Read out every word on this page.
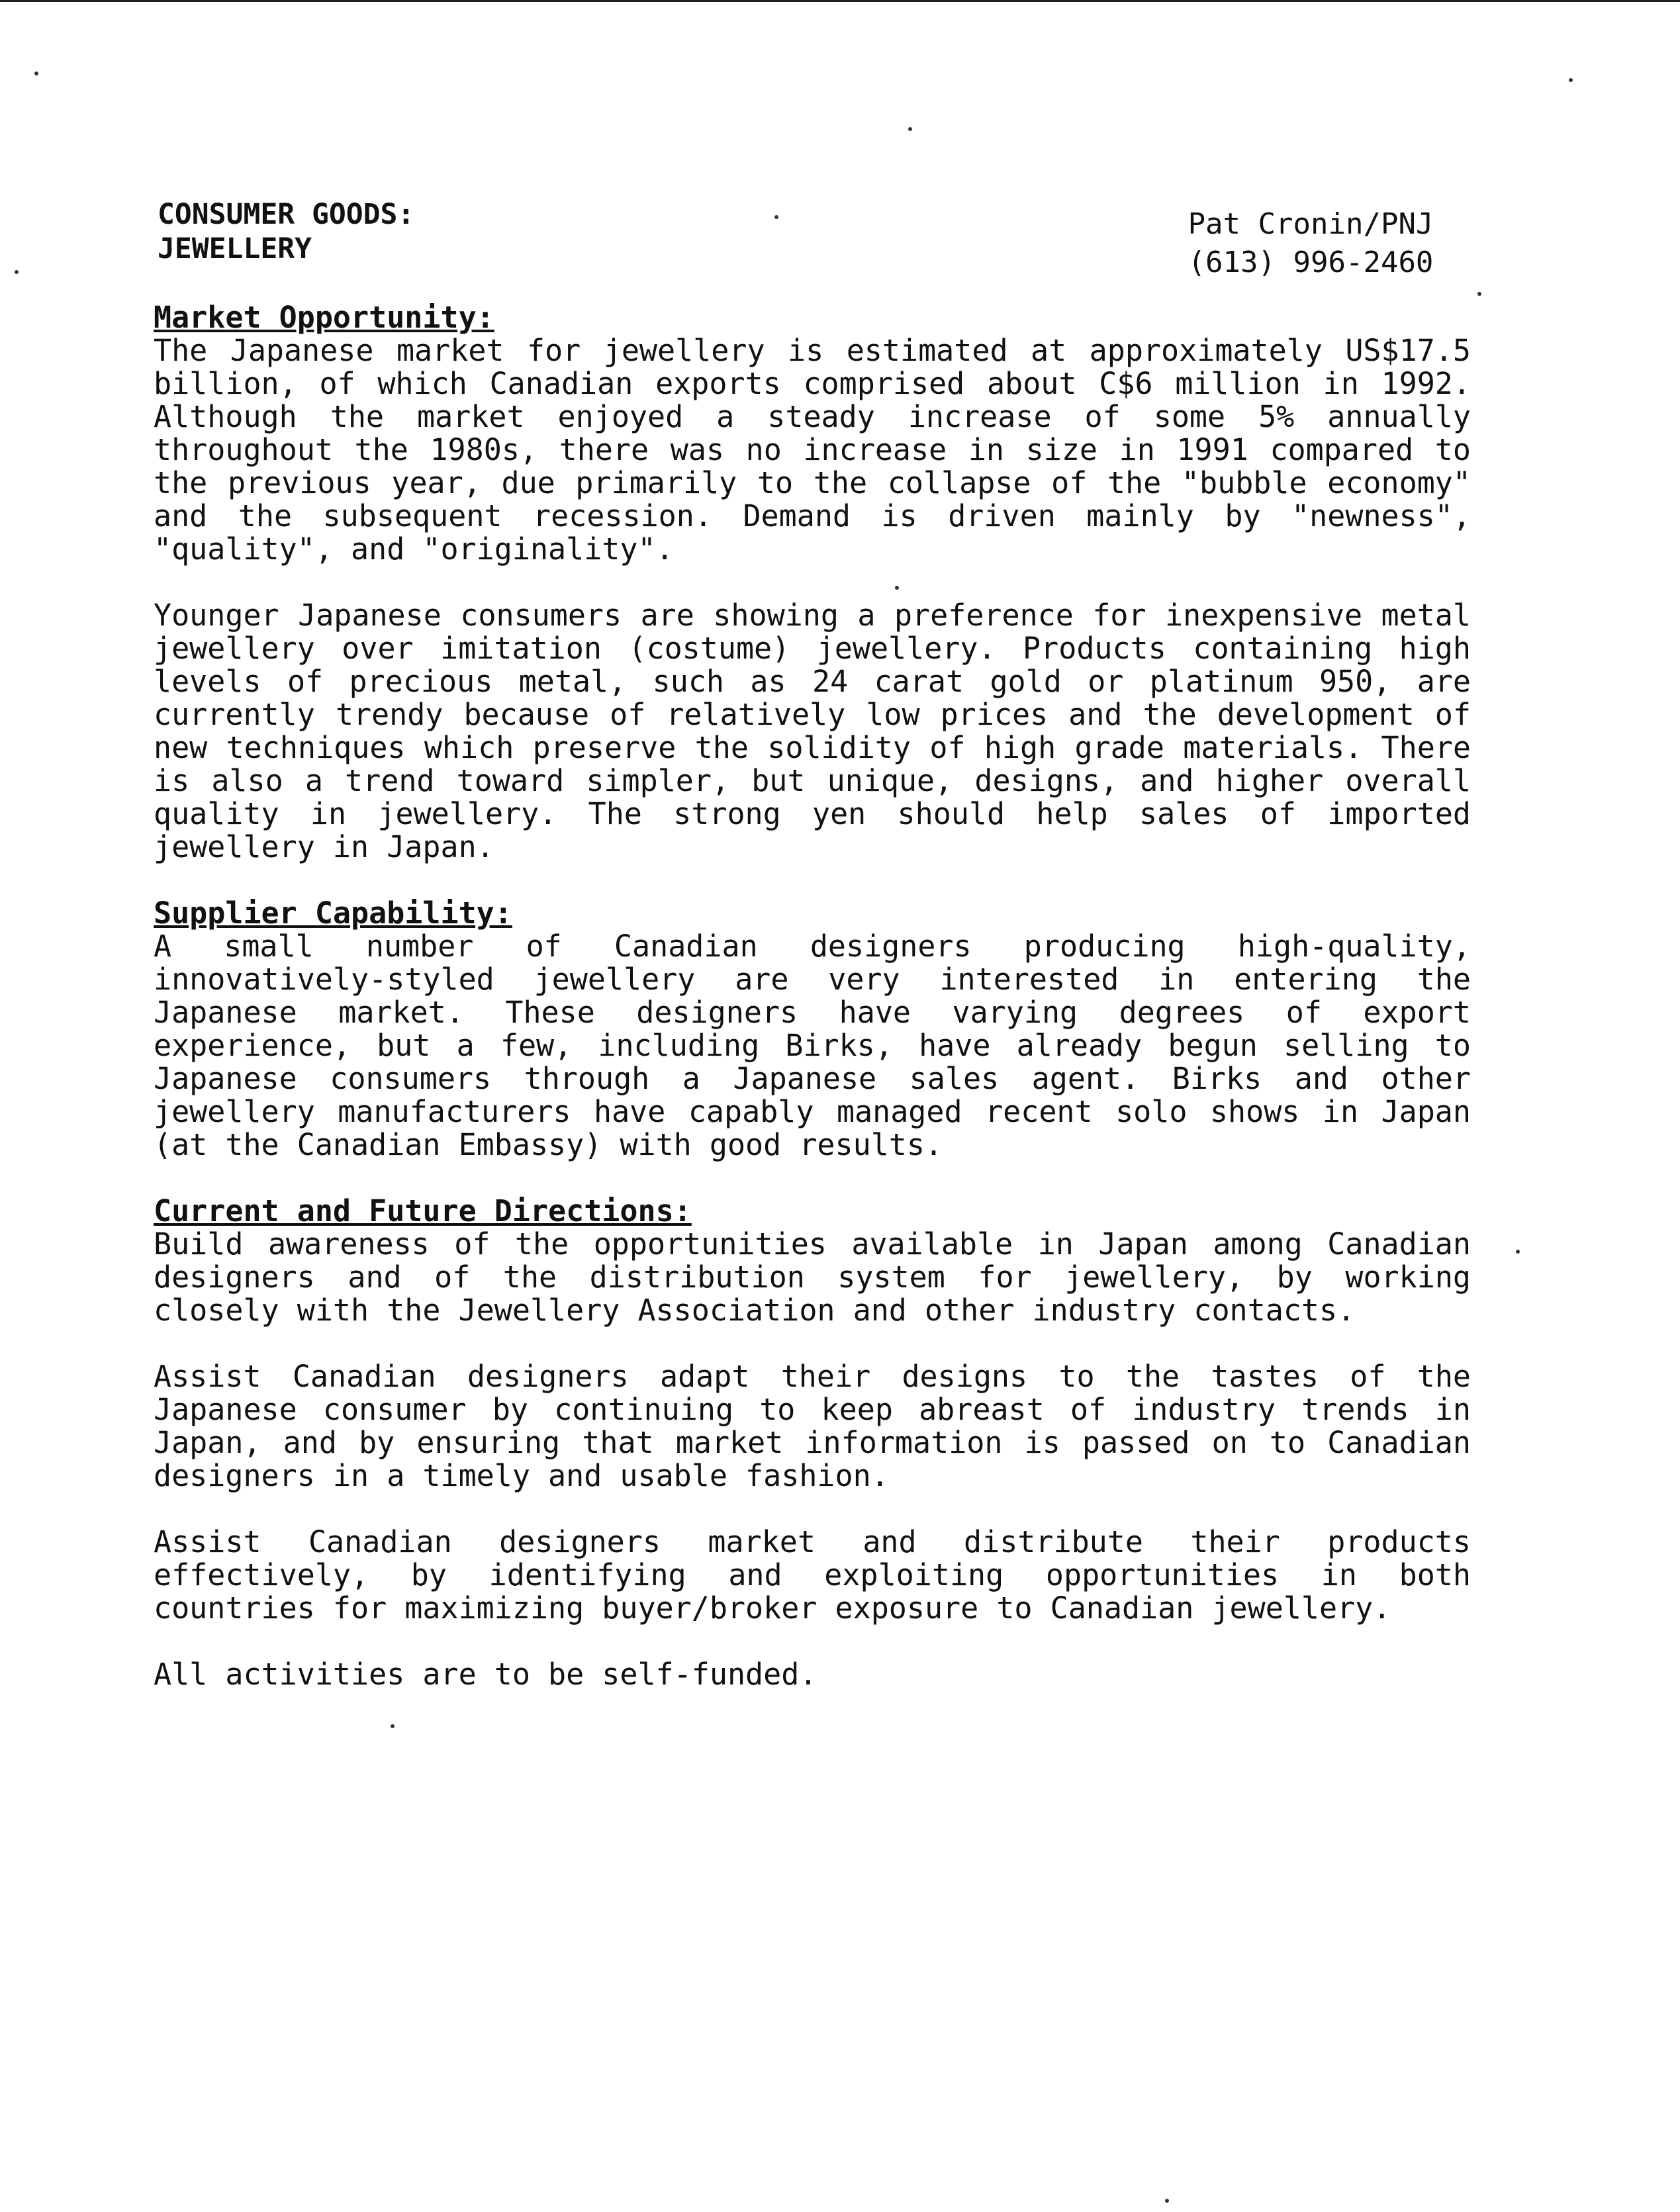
CONSUMER GOODS:
JEWELLERY
Pat Cronin/PNJ
(613) 996-2460

Market Opportunity:

The Japanese market for jewellery is estimated at approximately US$17.5 billion, of which Canadian exports comprised about C$6 million in 1992. Although the market enjoyed a steady increase of some 5% annually throughout the 1980s, there was no increase in size in 1991 compared to the previous year, due primarily to the collapse of the "bubble economy" and the subsequent recession. Demand is driven mainly by "newness", "quality", and "originality".

Younger Japanese consumers are showing a preference for inexpensive metal jewellery over imitation (costume) jewellery. Products containing high levels of precious metal, such as 24 carat gold or platinum 950, are currently trendy because of relatively low prices and the development of new techniques which preserve the solidity of high grade materials. There is also a trend toward simpler, but unique, designs, and higher overall quality in jewellery. The strong yen should help sales of imported jewellery in Japan.

Supplier Capability:

A small number of Canadian designers producing high-quality, innovatively-styled jewellery are very interested in entering the Japanese market. These designers have varying degrees of export experience, but a few, including Birks, have already begun selling to Japanese consumers through a Japanese sales agent. Birks and other jewellery manufacturers have capably managed recent solo shows in Japan (at the Canadian Embassy) with good results.

Current and Future Directions:

Build awareness of the opportunities available in Japan among Canadian designers and of the distribution system for jewellery, by working closely with the Jewellery Association and other industry contacts.

Assist Canadian designers adapt their designs to the tastes of the Japanese consumer by continuing to keep abreast of industry trends in Japan, and by ensuring that market information is passed on to Canadian designers in a timely and usable fashion.

Assist Canadian designers market and distribute their products effectively, by identifying and exploiting opportunities in both countries for maximizing buyer/broker exposure to Canadian jewellery.

All activities are to be self-funded.
